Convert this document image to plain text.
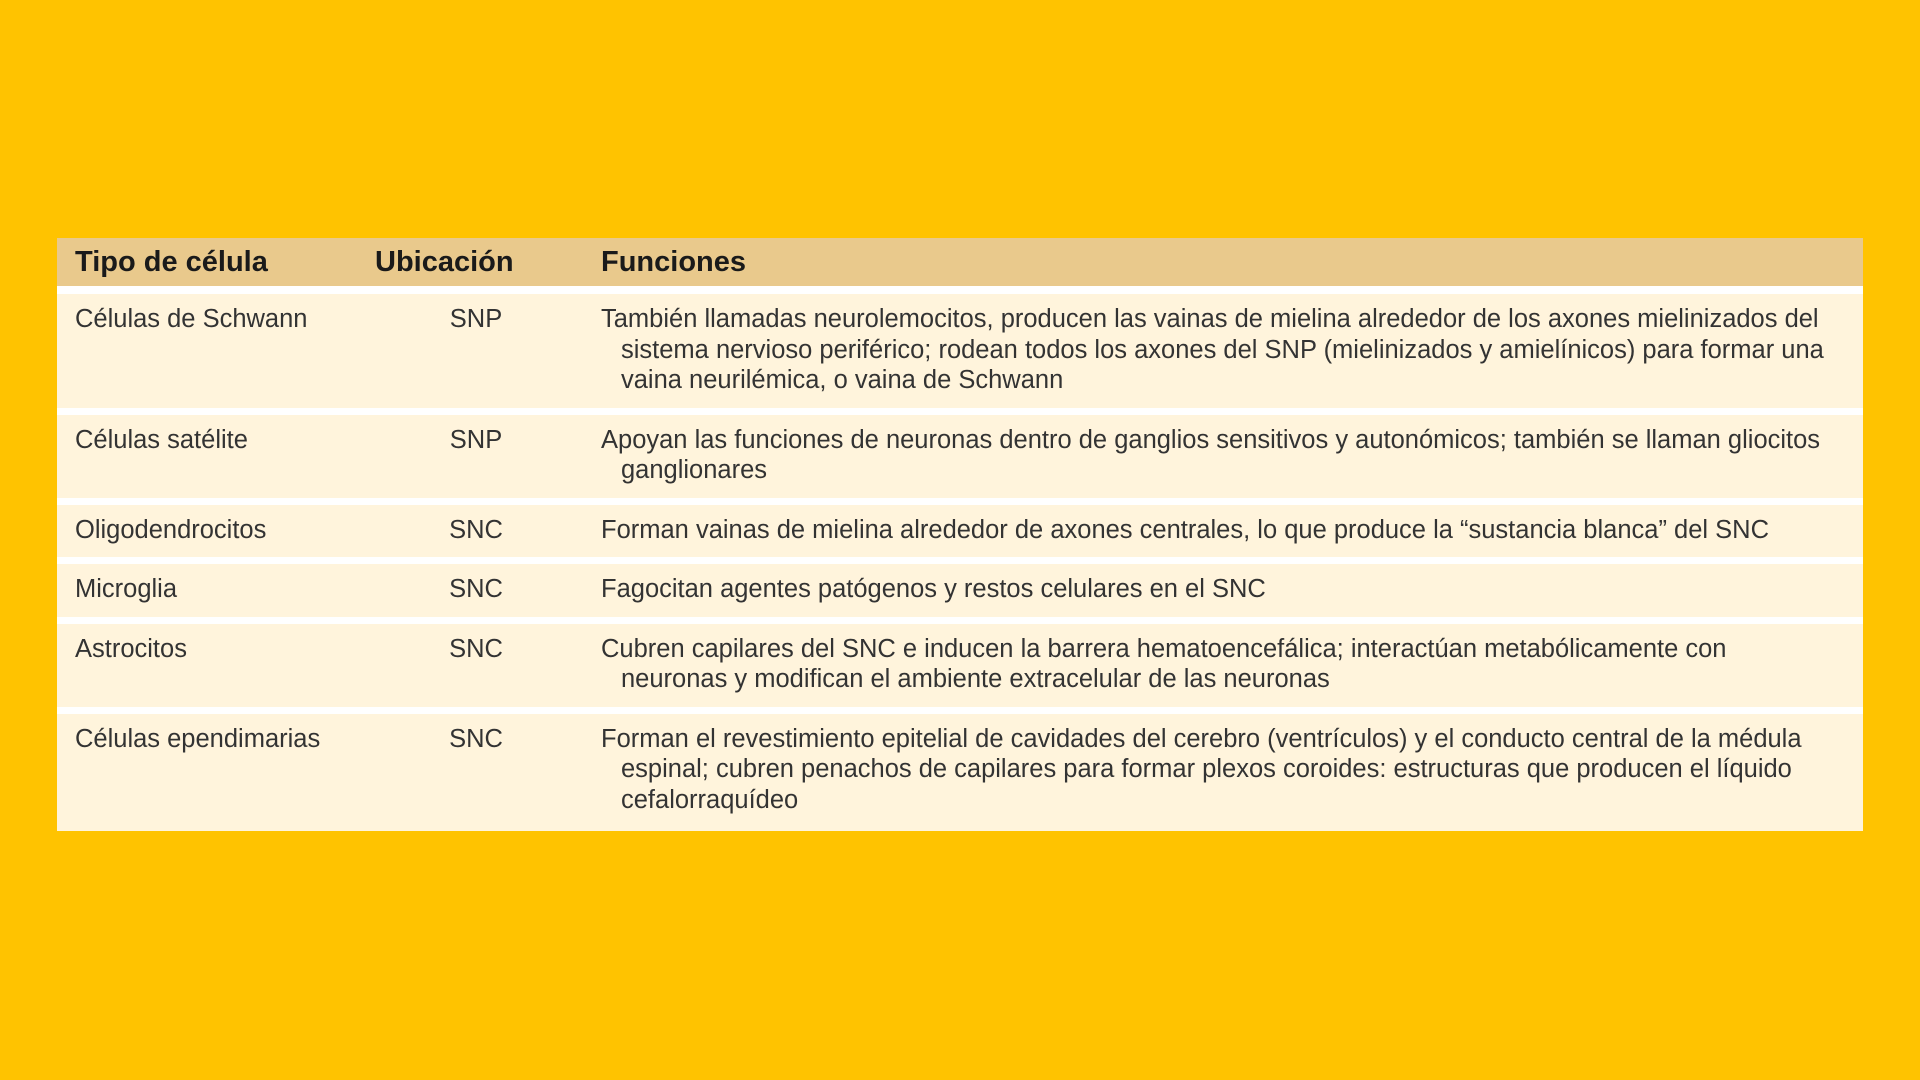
Tipo de célula	Ubicación	Funciones
Células de Schwann	SNP	También llamadas neurolemocitos, producen las vainas de mielina alrededor de los axones mielinizados del sistema nervioso periférico; rodean todos los axones del SNP (mielinizados y amielínicos) para formar una vaina neurilémica, o vaina de Schwann
Células satélite	SNP	Apoyan las funciones de neuronas dentro de ganglios sensitivos y autonómicos; también se llaman gliocitos ganglionares
Oligodendrocitos	SNC	Forman vainas de mielina alrededor de axones centrales, lo que produce la “sustancia blanca” del SNC
Microglia	SNC	Fagocitan agentes patógenos y restos celulares en el SNC
Astrocitos	SNC	Cubren capilares del SNC e inducen la barrera hematoencefálica; interactúan metabólicamente con neuronas y modifican el ambiente extracelular de las neuronas
Células ependimarias	SNC	Forman el revestimiento epitelial de cavidades del cerebro (ventrículos) y el conducto central de la médula espinal; cubren penachos de capilares para formar plexos coroides: estructuras que producen el líquido cefalorraquídeo
